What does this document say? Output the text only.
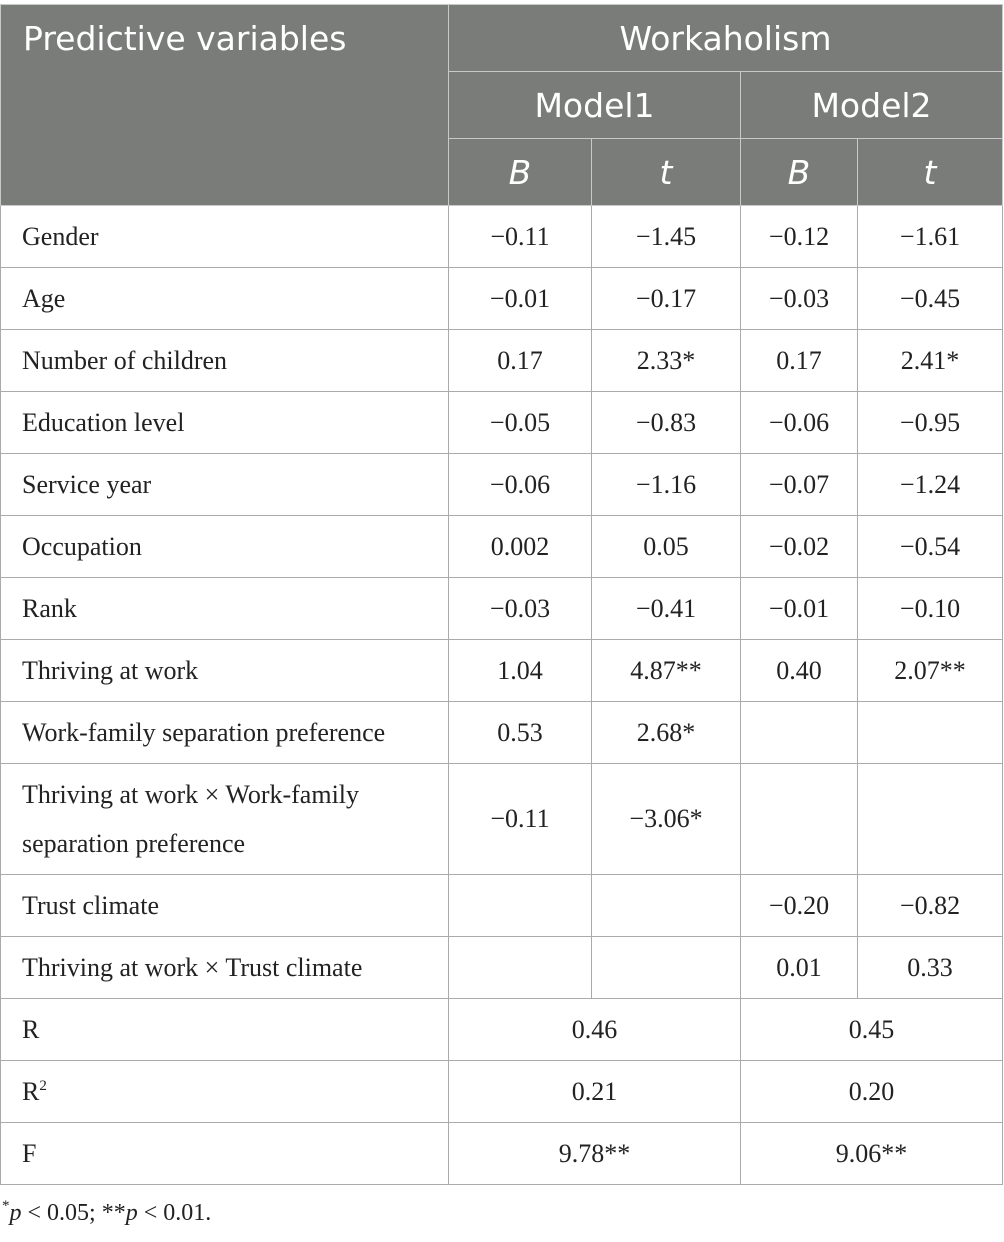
Predictive variables	Workaholism			
	Model1		Model2	
	B	t	B	t
Gender	−0.11	−1.45	−0.12	−1.61
Age	−0.01	−0.17	−0.03	−0.45
Number of children	0.17	2.33*	0.17	2.41*
Education level	−0.05	−0.83	−0.06	−0.95
Service year	−0.06	−1.16	−0.07	−1.24
Occupation	0.002	0.05	−0.02	−0.54
Rank	−0.03	−0.41	−0.01	−0.10
Thriving at work	1.04	4.87**	0.40	2.07**
Work-family separation preference	0.53	2.68*		
Thriving at work × Work-family separation preference	−0.11	−3.06*		
Trust climate			−0.20	−0.82
Thriving at work × Trust climate			0.01	0.33
R	0.46		0.45	
$R^2$	0.21		0.20	
F	9.78**		9.06**	
*p < 0.05; **p < 0.01.
